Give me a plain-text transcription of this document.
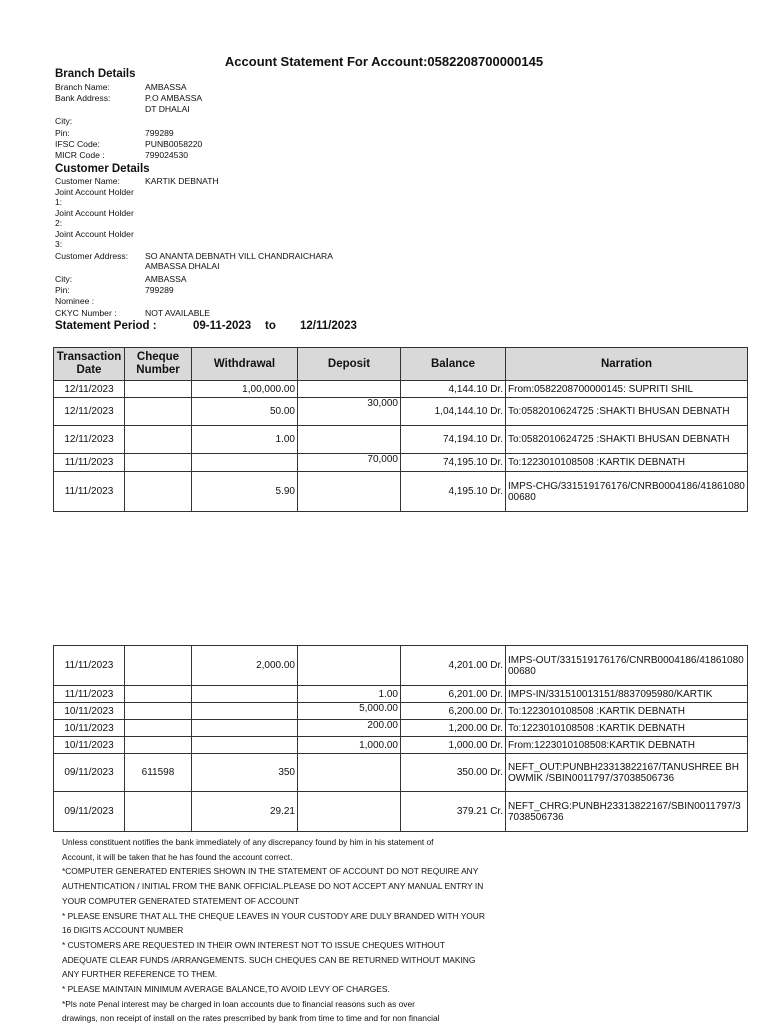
Account Statement For Account:0582208700000145
Branch Details
Branch Name:	AMBASSA
Bank Address:	P.O AMBASSA
DT DHALAI
City:
Pin:	799289
IFSC Code:	PUNB0058220
MICR Code :	799024530
Customer Details
Customer Name:	KARTIK DEBNATH
Joint Account Holder 1:
Joint Account Holder 2:
Joint Account Holder 3:
Customer Address:	SO ANANTA DEBNATH VILL CHANDRAICHARA AMBASSA DHALAI
City:	AMBASSA
Pin:	799289
Nominee :
CKYC Number :	NOT AVAILABLE
Statement Period :	09-11-2023 to 12/11/2023
Transaction Date	Cheque Number	Withdrawal	Deposit	Balance	Narration
12/11/2023		1,00,000.00		4,144.10 Dr.	From:0582208700000145: SUPRITI SHIL
12/11/2023		50.00	30,000	1,04,144.10 Dr.	To:0582010624725 :SHAKTI BHUSAN DEBNATH
12/11/2023		1.00		74,194.10 Dr.	To:0582010624725 :SHAKTI BHUSAN DEBNATH
11/11/2023			70,000	74,195.10 Dr.	To:1223010108508 :KARTIK DEBNATH
11/11/2023		5.90		4,195.10 Dr.	IMPS-CHG/331519176176/CNRB0004186/4186108000680
11/11/2023		2,000.00		4,201.00 Dr.	IMPS-OUT/331519176176/CNRB0004186/4186108000680
11/11/2023			1.00	6,201.00 Dr.	IMPS-IN/331510013151/8837095980/KARTIK
10/11/2023			5,000.00	6,200.00 Dr.	To:1223010108508 :KARTIK DEBNATH
10/11/2023			200.00	1,200.00 Dr.	To:1223010108508 :KARTIK DEBNATH
10/11/2023			1,000.00	1,000.00 Dr.	From:1223010108508:KARTIK DEBNATH
09/11/2023	611598	350		350.00 Dr.	NEFT_OUT:PUNBH23313822167/TANUSHREE BHOWMIK /SBIN0011797/37038506736
09/11/2023		29.21		379.21 Cr.	NEFT_CHRG:PUNBH23313822167/SBIN0011797/37038506736
Unless constituent notifies the bank immediately of any discrepancy found by him in his statement of
Account, it will be taken that he has found the account correct.
*COMPUTER GENERATED ENTERIES SHOWN IN THE STATEMENT OF ACCOUNT DO NOT REQUIRE ANY
AUTHENTICATION / INITIAL FROM THE BANK OFFICIAL.PLEASE DO NOT ACCEPT ANY MANUAL ENTRY IN
YOUR COMPUTER GENERATED STATEMENT OF ACCOUNT
* PLEASE ENSURE THAT ALL THE CHEQUE LEAVES IN YOUR CUSTODY ARE DULY BRANDED WITH YOUR
16 DIGITS ACCOUNT NUMBER
* CUSTOMERS ARE REQUESTED IN THEIR OWN INTEREST NOT TO ISSUE CHEQUES WITHOUT
ADEQUATE CLEAR FUNDS /ARRANGEMENTS. SUCH CHEQUES CAN BE RETURNED WITHOUT MAKING
ANY FURTHER REFERENCE TO THEM.
* PLEASE MAINTAIN MINIMUM AVERAGE BALANCE,TO AVOID LEVY OF CHARGES.
*Pls note Penal interest may be charged in loan accounts due to financial reasons such as over
drawings, non receipt of install on the rates prescrribed by bank from time to time and for non financial
